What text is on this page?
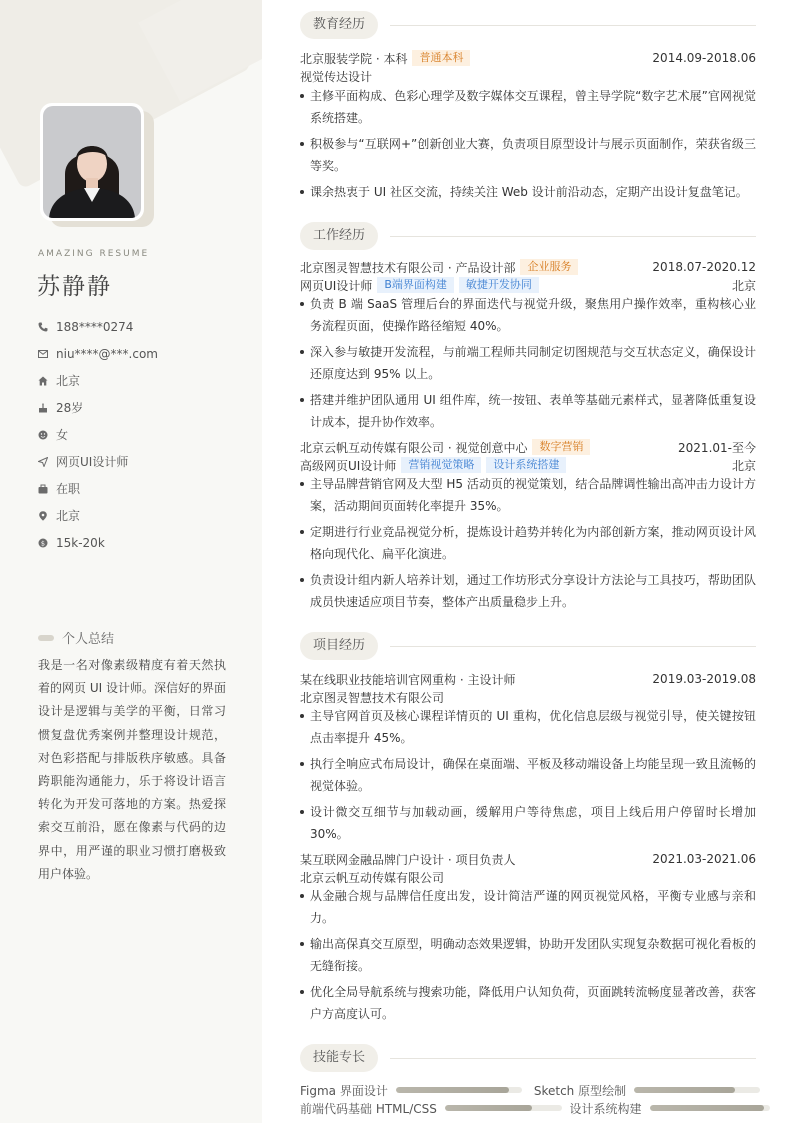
AMAZING RESUME
苏静静
188****0274
niu****@***.com
北京
28岁
女
网页UI设计师
在职
北京
$ 15k-20k
个人总结

我是一名对像素级精度有着天然执着的网页 UI 设计师。深信好的界面设计是逻辑与美学的平衡，日常习惯复盘优秀案例并整理设计规范，对色彩搭配与排版秩序敏感。具备跨职能沟通能力，乐于将设计语言转化为开发可落地的方案。热爱探索交互前沿，愿在像素与代码的边界中，用严谨的职业习惯打磨极致用户体验。

教育经历
北京服装学院 · 本科	普通本科	2014.09-2018.06
视觉传达设计
主修平面构成、色彩心理学及数字媒体交互课程，曾主导学院“数字艺术展”官网视觉系统搭建。
积极参与“互联网+”创新创业大赛，负责项目原型设计与展示页面制作，荣获省级三等奖。
课余热衷于 UI 社区交流，持续关注 Web 设计前沿动态，定期产出设计复盘笔记。
工作经历
北京图灵智慧技术有限公司 · 产品设计部	企业服务	2018.07-2020.12
网页UI设计师	B端界面构建	敏捷开发协同	北京
负责 B 端 SaaS 管理后台的界面迭代与视觉升级，聚焦用户操作效率，重构核心业务流程页面，使操作路径缩短 40%。
深入参与敏捷开发流程，与前端工程师共同制定切图规范与交互状态定义，确保设计还原度达到 95% 以上。
搭建并维护团队通用 UI 组件库，统一按钮、表单等基础元素样式，显著降低重复设计成本，提升协作效率。
北京云帆互动传媒有限公司 · 视觉创意中心	数字营销	2021.01-至今
高级网页UI设计师	营销视觉策略	设计系统搭建	北京
主导品牌营销官网及大型 H5 活动页的视觉策划，结合品牌调性输出高冲击力设计方案，活动期间页面转化率提升 35%。
定期进行行业竞品视觉分析，提炼设计趋势并转化为内部创新方案，推动网页设计风格向现代化、扁平化演进。
负责设计组内新人培养计划，通过工作坊形式分享设计方法论与工具技巧，帮助团队成员快速适应项目节奏，整体产出质量稳步上升。
项目经历
某在线职业技能培训官网重构 · 主设计师	2019.03-2019.08
北京图灵智慧技术有限公司
主导官网首页及核心课程详情页的 UI 重构，优化信息层级与视觉引导，使关键按钮点击率提升 45%。
执行全响应式布局设计，确保在桌面端、平板及移动端设备上均能呈现一致且流畅的视觉体验。
设计微交互细节与加载动画，缓解用户等待焦虑，项目上线后用户停留时长增加 30%。
某互联网金融品牌门户设计 · 项目负责人	2021.03-2021.06
北京云帆互动传媒有限公司
从金融合规与品牌信任度出发，设计简洁严谨的网页视觉风格，平衡专业感与亲和力。
输出高保真交互原型，明确动态效果逻辑，协助开发团队实现复杂数据可视化看板的无缝衔接。
优化全局导航系统与搜索功能，降低用户认知负荷，页面跳转流畅度显著改善，获客户方高度认可。
技能专长
Figma 界面设计	Sketch 原型绘制
前端代码基础 HTML/CSS	设计系统构建
